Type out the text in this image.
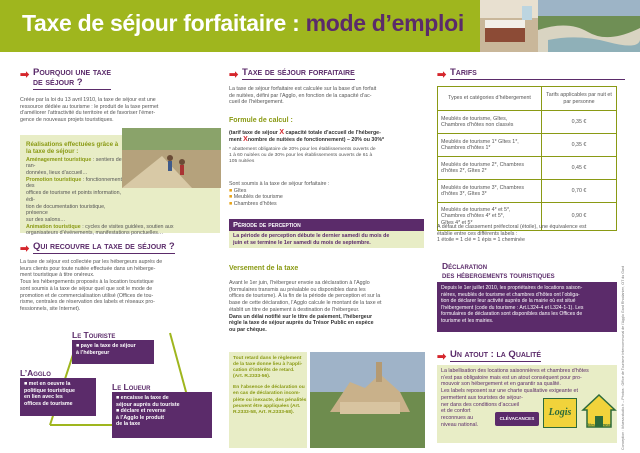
Taxe de séjour forfaitaire : mode d’emploi
➡ Pourquoi une taxe
de séjour ?
Créée par la loi du 13 avril 1910, la taxe de séjour est une
ressource dédiée au tourisme : le produit de la taxe permet
d’améliorer l’attractivité du territoire et de favoriser l’émer-
gence de nouveaux projets touristiques.
Réalisations effectuées grâce à
la taxe de séjour :
Aménagement touristique : sentiers de ran-
données, lieux d’accueil…
Promotion touristique : fonctionnement des
offices de tourisme et points information, édi-
tion de documentation touristique, présence
sur des salons…
Animation touristique : cycles de visites guidées, soutien aux
organisateurs d’événements, manifestations ponctuelles…
➡ Qui recouvre la taxe de séjour ?
La taxe de séjour est collectée par les hébergeurs auprès de
leurs clients pour toute nuitée effectuée dans un héberge-
ment touristique à titre onéreux.
Tous les hébergements proposés à la location touristique
sont soumis à la taxe de séjour quel que soit le mode de
promotion et de commercialisation utilisé (Offices de tou-
risme, centrales de réservation des labels et réseaux pro-
fessionnels, site Internet).
■ paye la taxe de séjour
à l’hébergeur
Le Touriste
■ met en oeuvre la
politique touristique
en lien avec les
offices de tourisme
L’Agglo
■ encaisse la taxe de
séjour auprès du touriste
■ déclare et reverse
à l’Agglo le produit
de la taxe
Le Loueur
➡ Taxe de séjour forfaitaire
La taxe de séjour forfaitaire est calculée sur la base d’un forfait
de nuitées, défini par l’Agglo, en fonction de la capacité d’ac-
cueil de l’hébergement.
Formule de calcul :
(tarif taxe de séjour X capacité totale d’accueil de l’héberge-
ment Xnombre de nuitées de fonctionnement) – 20% ou 30%*
* abattement obligatoire de 20% pour les établissements ouverts de
1 à 60 nuitées ou de 30% pour les établissements ouverts de 61 à
105 nuitées
Sont soumis à la taxe de séjour forfaitaire :
■ Gîtes
■ Meublés de tourisme
■ Chambres d’hôtes
Période de perception
La période de perception débute le dernier samedi du mois de
juin et se termine le 1er samedi du mois de septembre.
Versement de la taxe
Avant le 1er juin, l’hébergeur envoie sa déclaration à l’Agglo
(formulaires transmis au préalable ou disponibles dans les
offices de tourisme). À la fin de la période de perception et sur la
base de cette déclaration, l’Agglo calcule le montant de la taxe et
établit un titre de paiement à destination de l’hébergeur.
Dans un délai notifié sur le titre de paiement, l’hébergeur
règle la taxe de séjour auprès du Trésor Public en espèce
ou par chèque.
Tout retard dans le règlement
de la taxe donne lieu à l’appli-
cation d’intérêts de retard.
(Art. R.2333-56).
En l’absence de déclaration ou
en cas de déclaration incom-
plète ou inexacte, des pénalités
peuvent être appliquées (Art.
R.2333-58, Art. R.2333-68).
➡ Tarifs
Types et catégories d’hébergement	Tarifs applicables par nuit et par personne
Meublés de tourisme, Gîtes,
Chambres d’hôtes non classés	0,35 €
Meublés de tourisme 1* Gîtes 1*,
Chambres d’hôtes 1*	0,35 €
Meublés de tourisme 2*, Chambres
d’hôtes 2*, Gîtes 2*	0,45 €
Meublés de tourisme 3*, Chambres
d’hôtes 3*, Gîtes 3*	0,70 €
Meublés de tourisme 4* et 5*,
Chambres d’hôtes 4* et 5*,
Gîtes 4* et 5*	0,90 €
A défaut de classement préfectoral (étoile), une équivalence est
établie entre ces différents labels :
1 étoile = 1 clé = 1 épis = 1 cheminée
Déclaration
des hébergements touristiques
Depuis le 1er juillet 2010, les propriétaires de locations saison-
nières, meublés de tourisme et chambres d’hôtes ont l’obliga-
tion de déclarer leur activité auprès de la mairie où est situé
l’hébergement (code du tourisme : Art.L324-4 et L324-1-1). Les
formulaires de déclaration sont disponibles dans les Offices de
tourisme et les mairies.
➡ Un atout : la Qualité
La labellisation des locations saisonnières et chambres d’hôtes
n’est pas obligatoire mais est un atout conséquent pour pro-
mouvoir son hébergement et en garantir sa qualité.
Les labels reposent sur une charte qualitative exigeante et
permettent aux touristes de séjour-
ner dans des conditions d’accueil
et de confort
reconnues au
niveau national.
CLÉVACANCES
Logis
Gîtes de France	Conception : lkfuesa.studio.fr – Photos : Office de Tourisme Intercommunal de l’Agglo Gard Rhodanien, OT du Gard
